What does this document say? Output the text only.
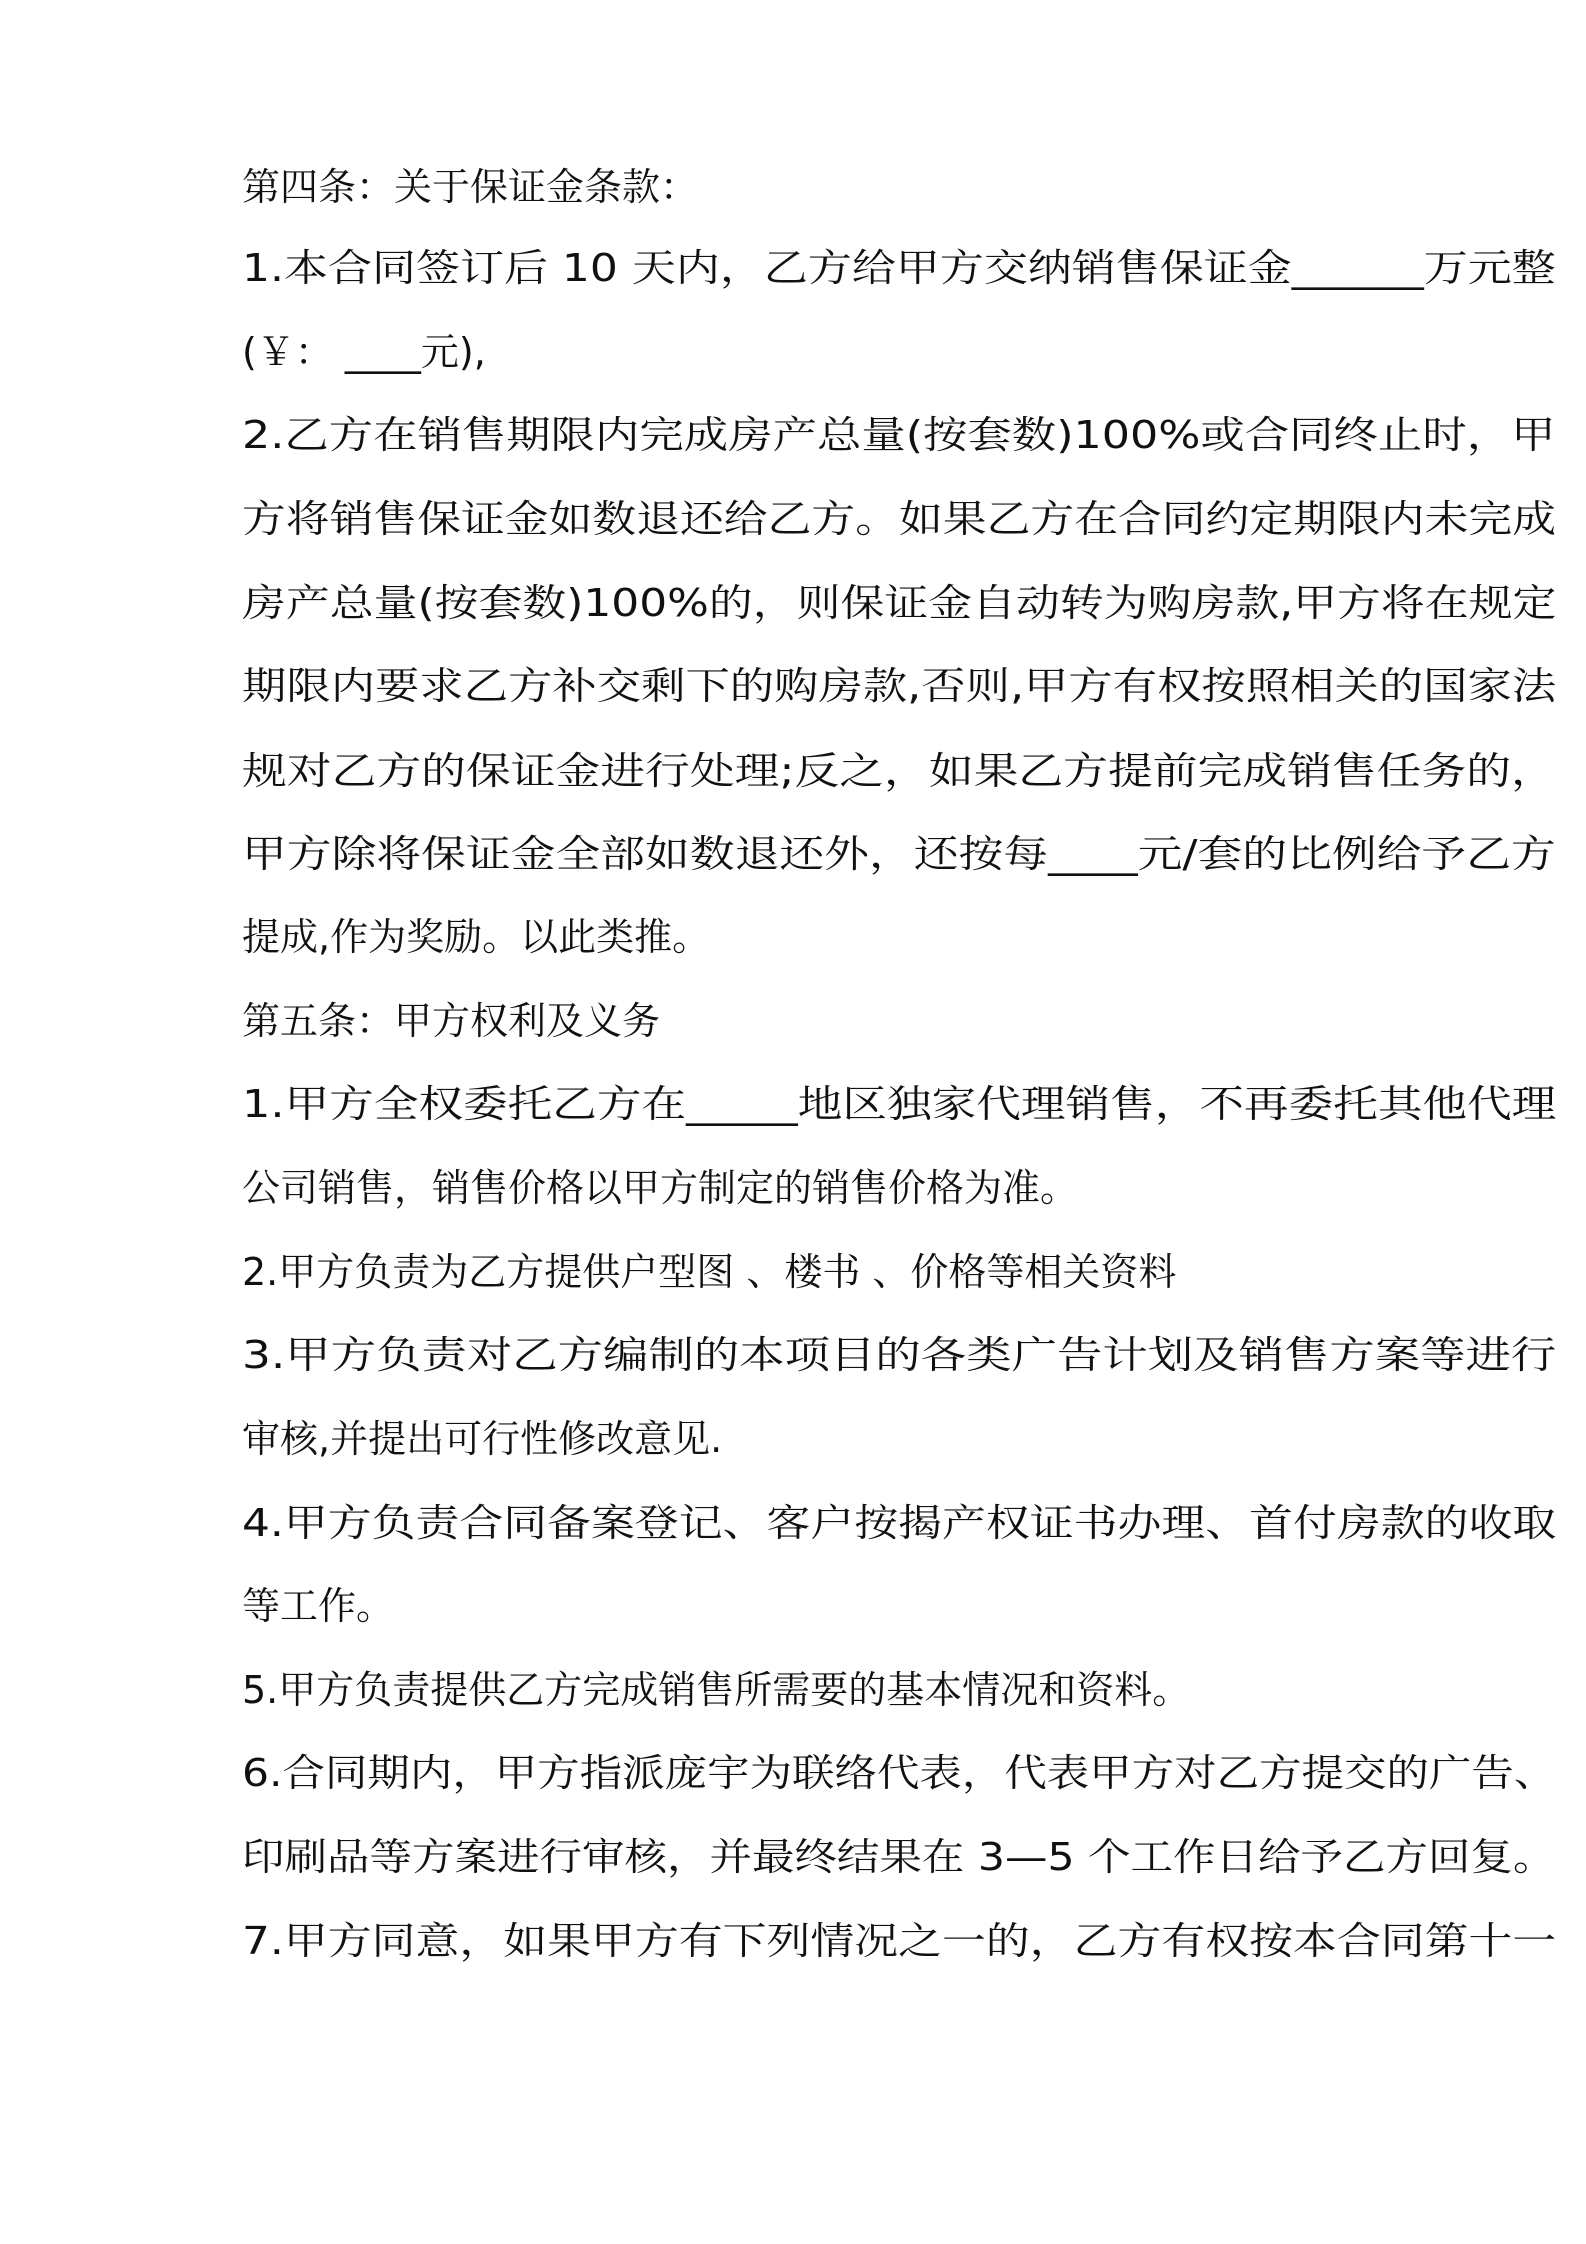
第四条：关于保证金条款：
1.本合同签订后 10 天内，乙方给甲方交纳销售保证金______万元整
(￥： ____元),
2.乙方在销售期限内完成房产总量(按套数)100%或合同终止时，甲
方将销售保证金如数退还给乙方。如果乙方在合同约定期限内未完成
房产总量(按套数)100%的，则保证金自动转为购房款,甲方将在规定
期限内要求乙方补交剩下的购房款,否则,甲方有权按照相关的国家法
规对乙方的保证金进行处理;反之，如果乙方提前完成销售任务的，
甲方除将保证金全部如数退还外，还按每____元/套的比例给予乙方
提成,作为奖励。以此类推。
第五条：甲方权利及义务
1.甲方全权委托乙方在_____地区独家代理销售，不再委托其他代理
公司销售，销售价格以甲方制定的销售价格为准。
2.甲方负责为乙方提供户型图 、楼书 、价格等相关资料
3.甲方负责对乙方编制的本项目的各类广告计划及销售方案等进行
审核,并提出可行性修改意见.
4.甲方负责合同备案登记、客户按揭产权证书办理、首付房款的收取
等工作。
5.甲方负责提供乙方完成销售所需要的基本情况和资料。
6.合同期内，甲方指派庞宇为联络代表，代表甲方对乙方提交的广告、
印刷品等方案进行审核，并最终结果在 3—5 个工作日给予乙方回复。
7.甲方同意，如果甲方有下列情况之一的，乙方有权按本合同第十一
